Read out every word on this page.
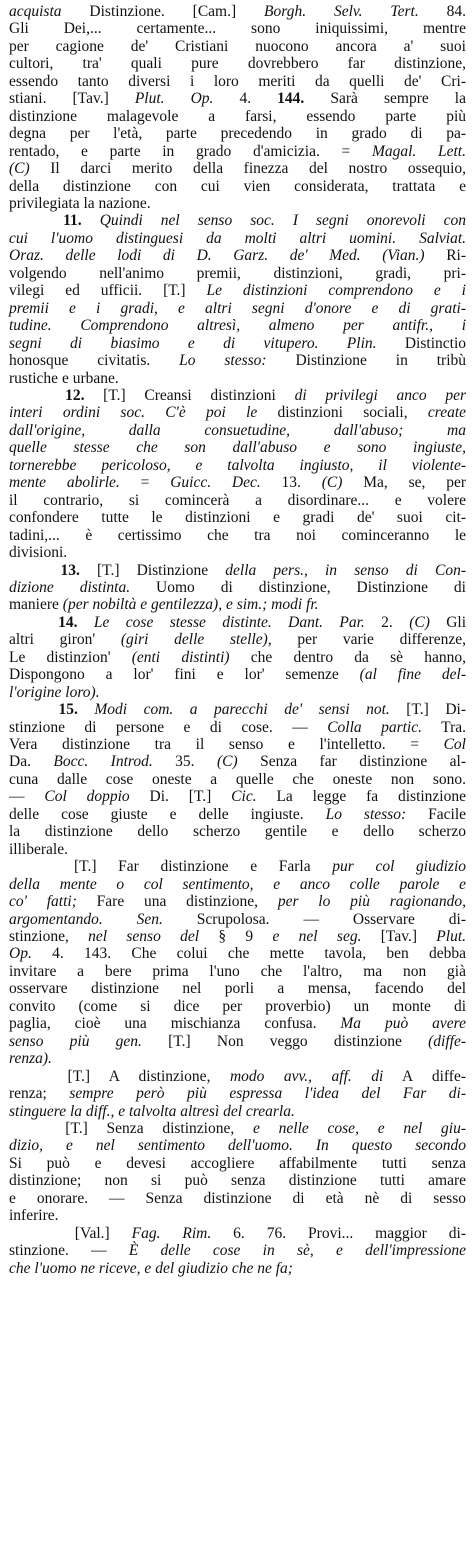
acquista Distinzione. [Cam.] Borgh. Selv. Tert. 84.
Gli Dei,... certamente... sono iniquissimi, mentre
per cagione de' Cristiani nuocono ancora a' suoi
cultori, tra' quali pure dovrebbero far distinzione,
essendo tanto diversi i loro meriti da quelli de' Cri-
stiani. [Tav.] Plut. Op. 4. 144. Sarà sempre la
distinzione malagevole a farsi, essendo parte più
degna per l'età, parte precedendo in grado di pa-
rentado, e parte in grado d'amicizia. = Magal. Lett.
(C) Il darci merito della finezza del nostro ossequio,
della distinzione con cui vien considerata, trattata e
privilegiata la nazione.
11. Quindi nel senso soc. I segni onorevoli con
cui l'uomo distinguesi da molti altri uomini. Salviat.
Oraz. delle lodi di D. Garz. de' Med. (Vian.) Ri-
volgendo nell'animo premii, distinzioni, gradi, pri-
vilegi ed ufficii. [T.] Le distinzioni comprendono e i
premii e i gradi, e altri segni d'onore e di grati-
tudine. Comprendono altresì, almeno per antifr., i
segni di biasimo e di vitupero. Plin. Distinctio
honosque civitatis. Lo stesso: Distinzione in tribù
rustiche e urbane.
12. [T.] Creansi distinzioni di privilegi anco per
interi ordini soc. C'è poi le distinzioni sociali, create
dall'origine, dalla consuetudine, dall'abuso; ma
quelle stesse che son dall'abuso e sono ingiuste,
tornerebbe pericoloso, e talvolta ingiusto, il violente-
mente abolirle. = Guicc. Dec. 13. (C) Ma, se, per
il contrario, si comincerà a disordinare... e volere
confondere tutte le distinzioni e gradi de' suoi cit-
tadini,... è certissimo che tra noi cominceranno le
divisioni.
13. [T.] Distinzione della pers., in senso di Con-
dizione distinta. Uomo di distinzione, Distinzione di
maniere (per nobiltà e gentilezza), e sim.; modi fr.
14. Le cose stesse distinte. Dant. Par. 2. (C) Gli
altri giron' (giri delle stelle), per varie differenze,
Le distinzion' (enti distinti) che dentro da sè hanno,
Dispongono a lor' fini e lor' semenze (al fine del-
l'origine loro).
15. Modi com. a parecchi de' sensi not. [T.] Di-
stinzione di persone e di cose. — Colla partic. Tra.
Vera distinzione tra il senso e l'intelletto. = Col
Da. Bocc. Introd. 35. (C) Senza far distinzione al-
cuna dalle cose oneste a quelle che oneste non sono.
— Col doppio Di. [T.] Cic. La legge fa distinzione
delle cose giuste e delle ingiuste. Lo stesso: Facile
la distinzione dello scherzo gentile e dello scherzo
illiberale.
[T.] Far distinzione e Farla pur col giudizio
della mente o col sentimento, e anco colle parole e
co' fatti; Fare una distinzione, per lo più ragionando,
argomentando. Sen. Scrupolosa. — Osservare di-
stinzione, nel senso del § 9 e nel seg. [Tav.] Plut.
Op. 4. 143. Che colui che mette tavola, ben debba
invitare a bere prima l'uno che l'altro, ma non già
osservare distinzione nel porli a mensa, facendo del
convito (come si dice per proverbio) un monte di
paglia, cioè una mischianza confusa. Ma può avere
senso più gen. [T.] Non veggo distinzione (diffe-
renza).
[T.] A distinzione, modo avv., aff. di A diffe-
renza; sempre però più espressa l'idea del Far di-
stinguere la diff., e talvolta altresì del crearla.
[T.] Senza distinzione, e nelle cose, e nel giu-
dizio, e nel sentimento dell'uomo. In questo secondo
Si può e devesi accogliere affabilmente tutti senza
distinzione; non si può senza distinzione tutti amare
e onorare. — Senza distinzione di età nè di sesso
inferire.
[Val.] Fag. Rim. 6. 76. Provi... maggior di-
stinzione. — È delle cose in sè, e dell'impressione
che l'uomo ne riceve, e del giudizio che ne fa;
